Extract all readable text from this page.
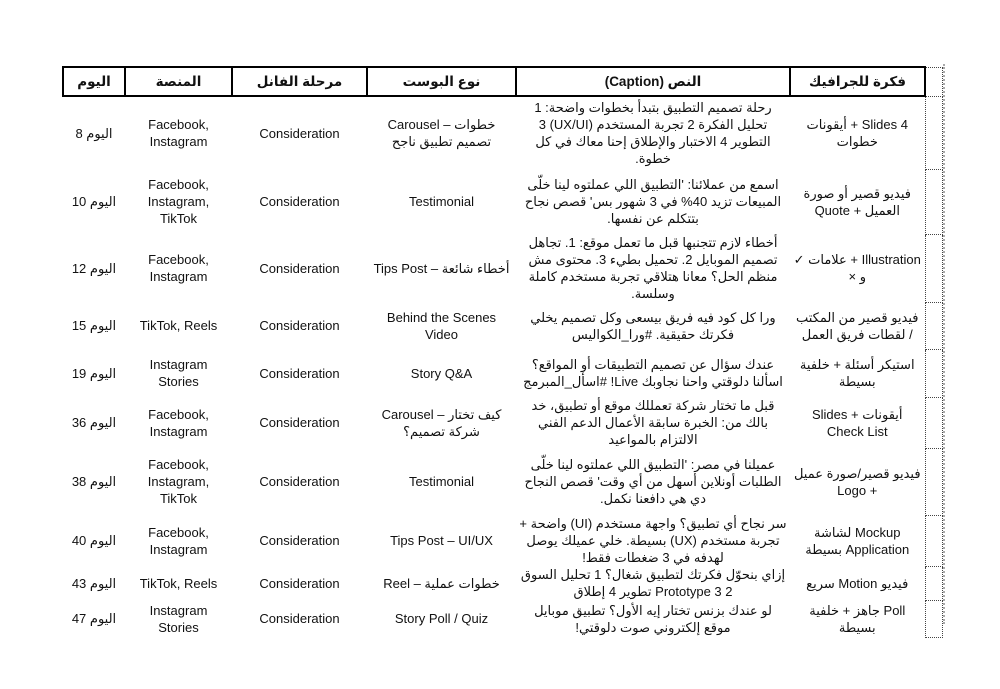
اليوم	المنصة	مرحلة الفانل	نوع البوست	النص (Caption)	فكرة للجرافيك	
اليوم 8	Facebook, Instagram	Consideration	Carousel – خطوات تصميم تطبيق ناجح	رحلة تصميم التطبيق بتبدأ بخطوات واضحة: 1 تحليل الفكرة 2 تجربة المستخدم (UX/UI) 3 التطوير 4 الاختبار والإطلاق إحنا معاك في كل خطوة.	4 Slides + أيقونات خطوات	
اليوم 10	Facebook, Instagram, TikTok	Consideration	Testimonial	اسمع من عملائنا: 'التطبيق اللي عملتوه لينا خلّى المبيعات تزيد 40% في 3 شهور بس' قصص نجاح بتتكلم عن نفسها.	فيديو قصير أو صورة العميل + Quote	
اليوم 12	Facebook, Instagram	Consideration	Tips Post – أخطاء شائعة	أخطاء لازم تتجنبها قبل ما تعمل موقع: 1. تجاهل تصميم الموبايل 2. تحميل بطيء 3. محتوى مش منظم الحل؟ معانا هتلاقي تجربة مستخدم كاملة وسلسة.	Illustration + علامات ✓ و ×	
اليوم 15	TikTok, Reels	Consideration	Behind the Scenes Video	ورا كل كود فيه فريق بيسعى وكل تصميم يخلي فكرتك حقيقية. #ورا_الكواليس	فيديو قصير من المكتب / لقطات فريق العمل	
اليوم 19	Instagram Stories	Consideration	Story Q&A	عندك سؤال عن تصميم التطبيقات أو المواقع؟ اسألنا دلوقتي واحنا نجاوبك Live! #اسأل_المبرمج	استيكر أسئلة + خلفية بسيطة	
اليوم 36	Facebook, Instagram	Consideration	Carousel – كيف تختار شركة تصميم؟	قبل ما تختار شركة تعمللك موقع أو تطبيق، خد بالك من: الخبرة سابقة الأعمال الدعم الفني الالتزام بالمواعيد	أيقونات Slides + Check List	
اليوم 38	Facebook, Instagram, TikTok	Consideration	Testimonial	عميلنا في مصر: 'التطبيق اللي عملتوه لينا خلّى الطلبات أونلاين أسهل من أي وقت' قصص النجاح دي هي دافعنا نكمل.	فيديو قصير/صورة عميل + Logo	
اليوم 40	Facebook, Instagram	Consideration	Tips Post – UI/UX	سر نجاح أي تطبيق؟ واجهة مستخدم (UI) واضحة + تجربة مستخدم (UX) بسيطة. خلي عميلك يوصل لهدفه في 3 ضغطات فقط!	Mockup لشاشة Application بسيطة	
اليوم 43	TikTok, Reels	Consideration	Reel – خطوات عملية	إزاي بنحوّل فكرتك لتطبيق شغال؟ 1 تحليل السوق 2 Prototype 3 تطوير 4 إطلاق	فيديو Motion سريع	
اليوم 47	Instagram Stories	Consideration	Story Poll / Quiz	لو عندك بزنس تختار إيه الأول؟ تطبيق موبايل موقع إلكتروني صوت دلوقتي!	Poll جاهز + خلفية بسيطة	
